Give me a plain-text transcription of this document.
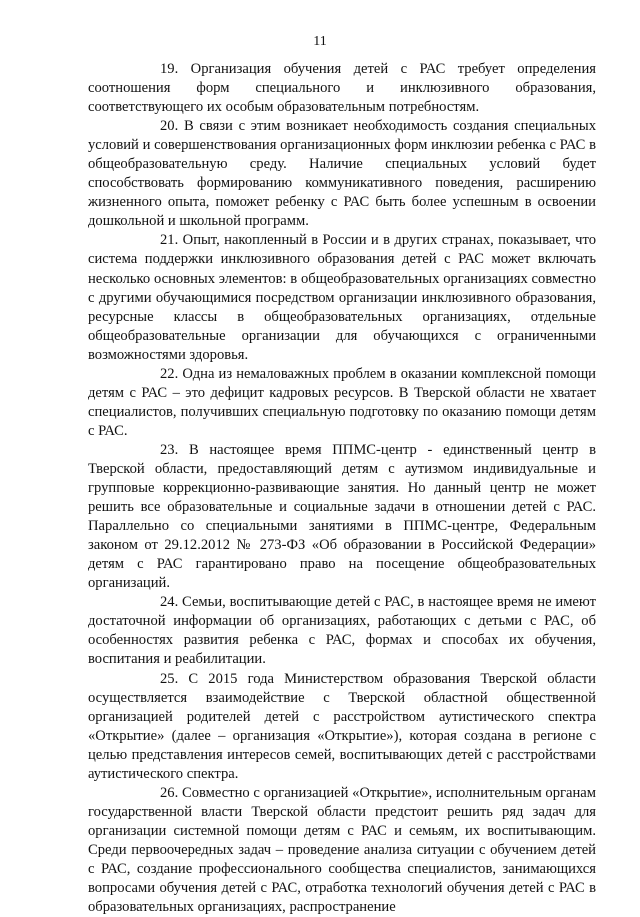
11

19. Организация обучения детей с РАС требует определения соотношения форм специального и инклюзивного образования, соответствующего их особым образовательным потребностям.

20. В связи с этим возникает необходимость создания специальных условий и совершенствования организационных форм инклюзии ребенка с РАС в общеобразовательную среду. Наличие специальных условий будет способствовать формированию коммуникативного поведения, расширению жизненного опыта, поможет ребенку с РАС быть более успешным в освоении дошкольной и школьной программ.

21. Опыт, накопленный в России и в других странах, показывает, что система поддержки инклюзивного образования детей с РАС может включать несколько основных элементов: в общеобразовательных организациях совместно с другими обучающимися посредством организации инклюзивного образования, ресурсные классы в общеобразовательных организациях, отдельные общеобразовательные организации для обучающихся с ограниченными возможностями здоровья.

22. Одна из немаловажных проблем в оказании комплексной помощи детям с РАС – это дефицит кадровых ресурсов. В Тверской области не хватает специалистов, получивших специальную подготовку по оказанию помощи детям с РАС.

23. В настоящее время ППМС-центр - единственный центр в Тверской области, предоставляющий детям с аутизмом индивидуальные и групповые коррекционно-развивающие занятия. Но данный центр не может решить все образовательные и социальные задачи в отношении детей с РАС. Параллельно со специальными занятиями в ППМС-центре, Федеральным законом от 29.12.2012 № 273-ФЗ «Об образовании в Российской Федерации» детям с РАС гарантировано право на посещение общеобразовательных организаций.

24. Семьи, воспитывающие детей с РАС, в настоящее время не имеют достаточной информации об организациях, работающих с детьми с РАС, об особенностях развития ребенка с РАС, формах и способах их обучения, воспитания и реабилитации.

25. С 2015 года Министерством образования Тверской области осуществляется взаимодействие с Тверской областной общественной организацией родителей детей с расстройством аутистического спектра «Открытие» (далее – организация «Открытие»), которая создана в регионе с целью представления интересов семей, воспитывающих детей с расстройствами аутистического спектра.

26. Совместно с организацией «Открытие», исполнительным органам государственной власти Тверской области предстоит решить ряд задач для организации системной помощи детям с РАС и семьям, их воспитывающим. Среди первоочередных задач – проведение анализа ситуации с обучением детей с РАС, создание профессионального сообщества специалистов, занимающихся вопросами обучения детей с РАС, отработка технологий обучения детей с РАС в образовательных организациях, распространение
